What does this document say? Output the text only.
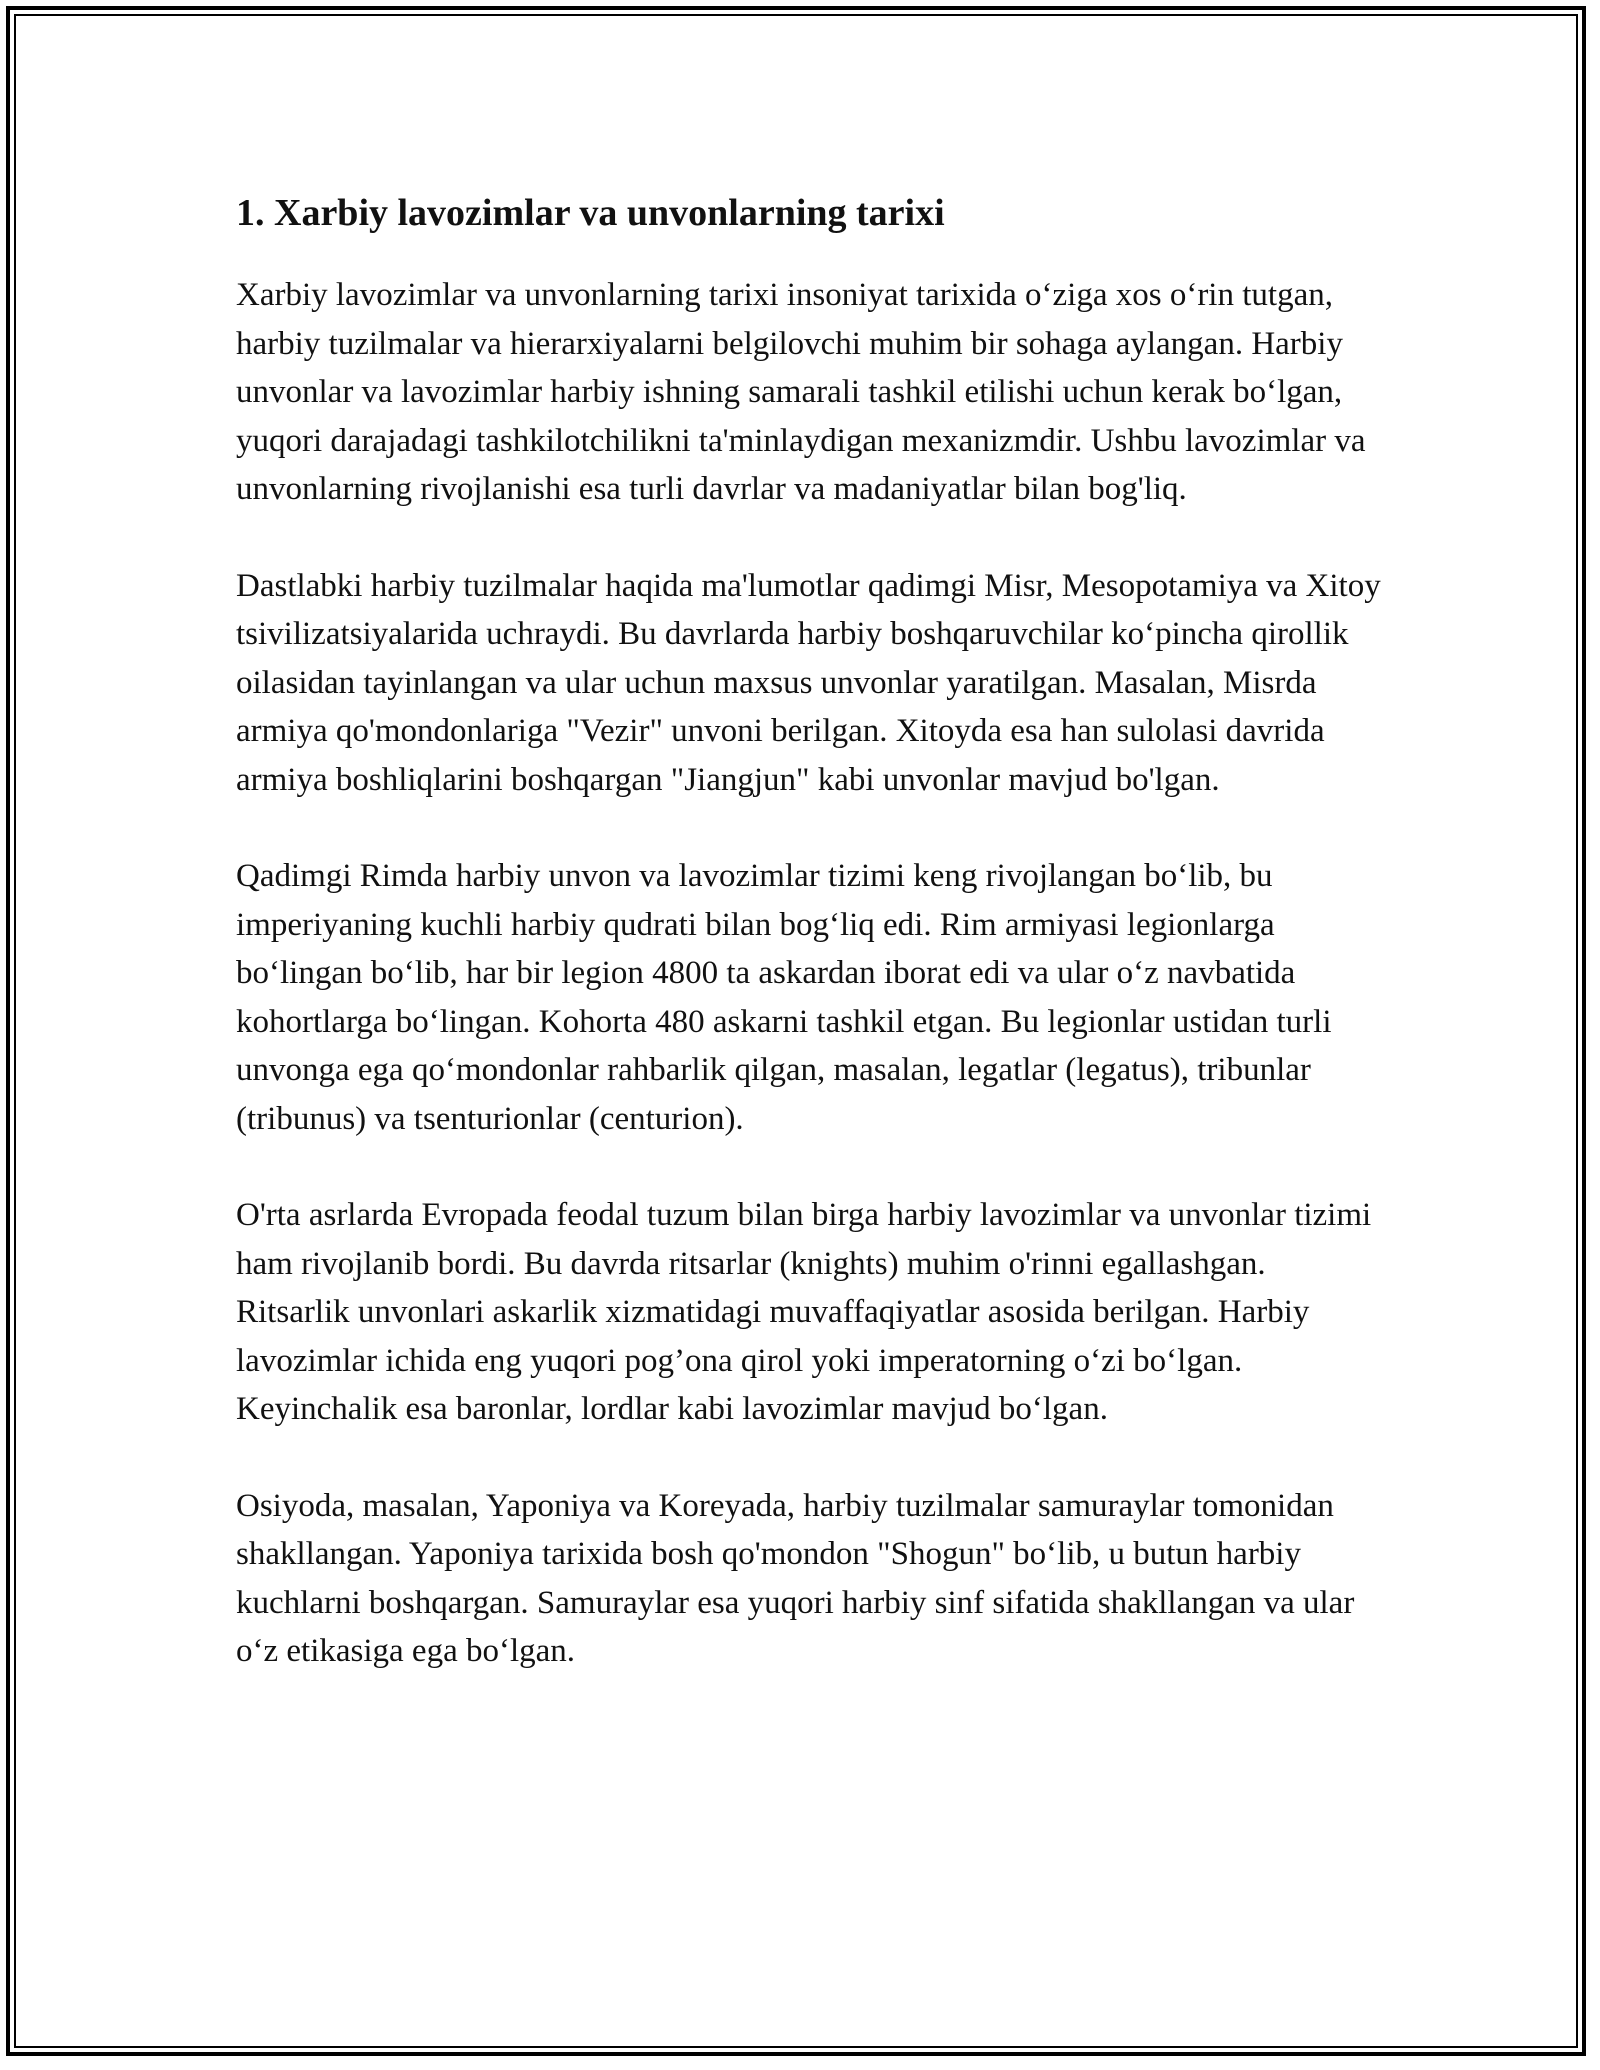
1. Xarbiy lavozimlar va unvonlarning tarixi

Xarbiy lavozimlar va unvonlarning tarixi insoniyat tarixida o‘ziga xos o‘rin tutgan, harbiy tuzilmalar va hierarxiyalarni belgilovchi muhim bir sohaga aylangan. Harbiy unvonlar va lavozimlar harbiy ishning samarali tashkil etilishi uchun kerak bo‘lgan, yuqori darajadagi tashkilotchilikni ta'minlaydigan mexanizmdir. Ushbu lavozimlar va unvonlarning rivojlanishi esa turli davrlar va madaniyatlar bilan bog'liq.

Dastlabki harbiy tuzilmalar haqida ma'lumotlar qadimgi Misr, Mesopotamiya va Xitoy tsivilizatsiyalarida uchraydi. Bu davrlarda harbiy boshqaruvchilar ko‘pincha qirollik oilasidan tayinlangan va ular uchun maxsus unvonlar yaratilgan. Masalan, Misrda armiya qo'mondonlariga "Vezir" unvoni berilgan. Xitoyda esa han sulolasi davrida armiya boshliqlarini boshqargan "Jiangjun" kabi unvonlar mavjud bo'lgan.

Qadimgi Rimda harbiy unvon va lavozimlar tizimi keng rivojlangan bo‘lib, bu imperiyaning kuchli harbiy qudrati bilan bog‘liq edi. Rim armiyasi legionlarga bo‘lingan bo‘lib, har bir legion 4800 ta askardan iborat edi va ular o‘z navbatida kohortlarga bo‘lingan. Kohorta 480 askarni tashkil etgan. Bu legionlar ustidan turli unvonga ega qo‘mondonlar rahbarlik qilgan, masalan, legatlar (legatus), tribunlar (tribunus) va tsenturionlar (centurion).

O'rta asrlarda Evropada feodal tuzum bilan birga harbiy lavozimlar va unvonlar tizimi ham rivojlanib bordi. Bu davrda ritsarlar (knights) muhim o'rinni egallashgan. Ritsarlik unvonlari askarlik xizmatidagi muvaffaqiyatlar asosida berilgan. Harbiy lavozimlar ichida eng yuqori pog’ona qirol yoki imperatorning o‘zi bo‘lgan. Keyinchalik esa baronlar, lordlar kabi lavozimlar mavjud bo‘lgan.

Osiyoda, masalan, Yaponiya va Koreyada, harbiy tuzilmalar samuraylar tomonidan shakllangan. Yaponiya tarixida bosh qo'mondon "Shogun" bo‘lib, u butun harbiy kuchlarni boshqargan. Samuraylar esa yuqori harbiy sinf sifatida shakllangan va ular o‘z etikasiga ega bo‘lgan.
